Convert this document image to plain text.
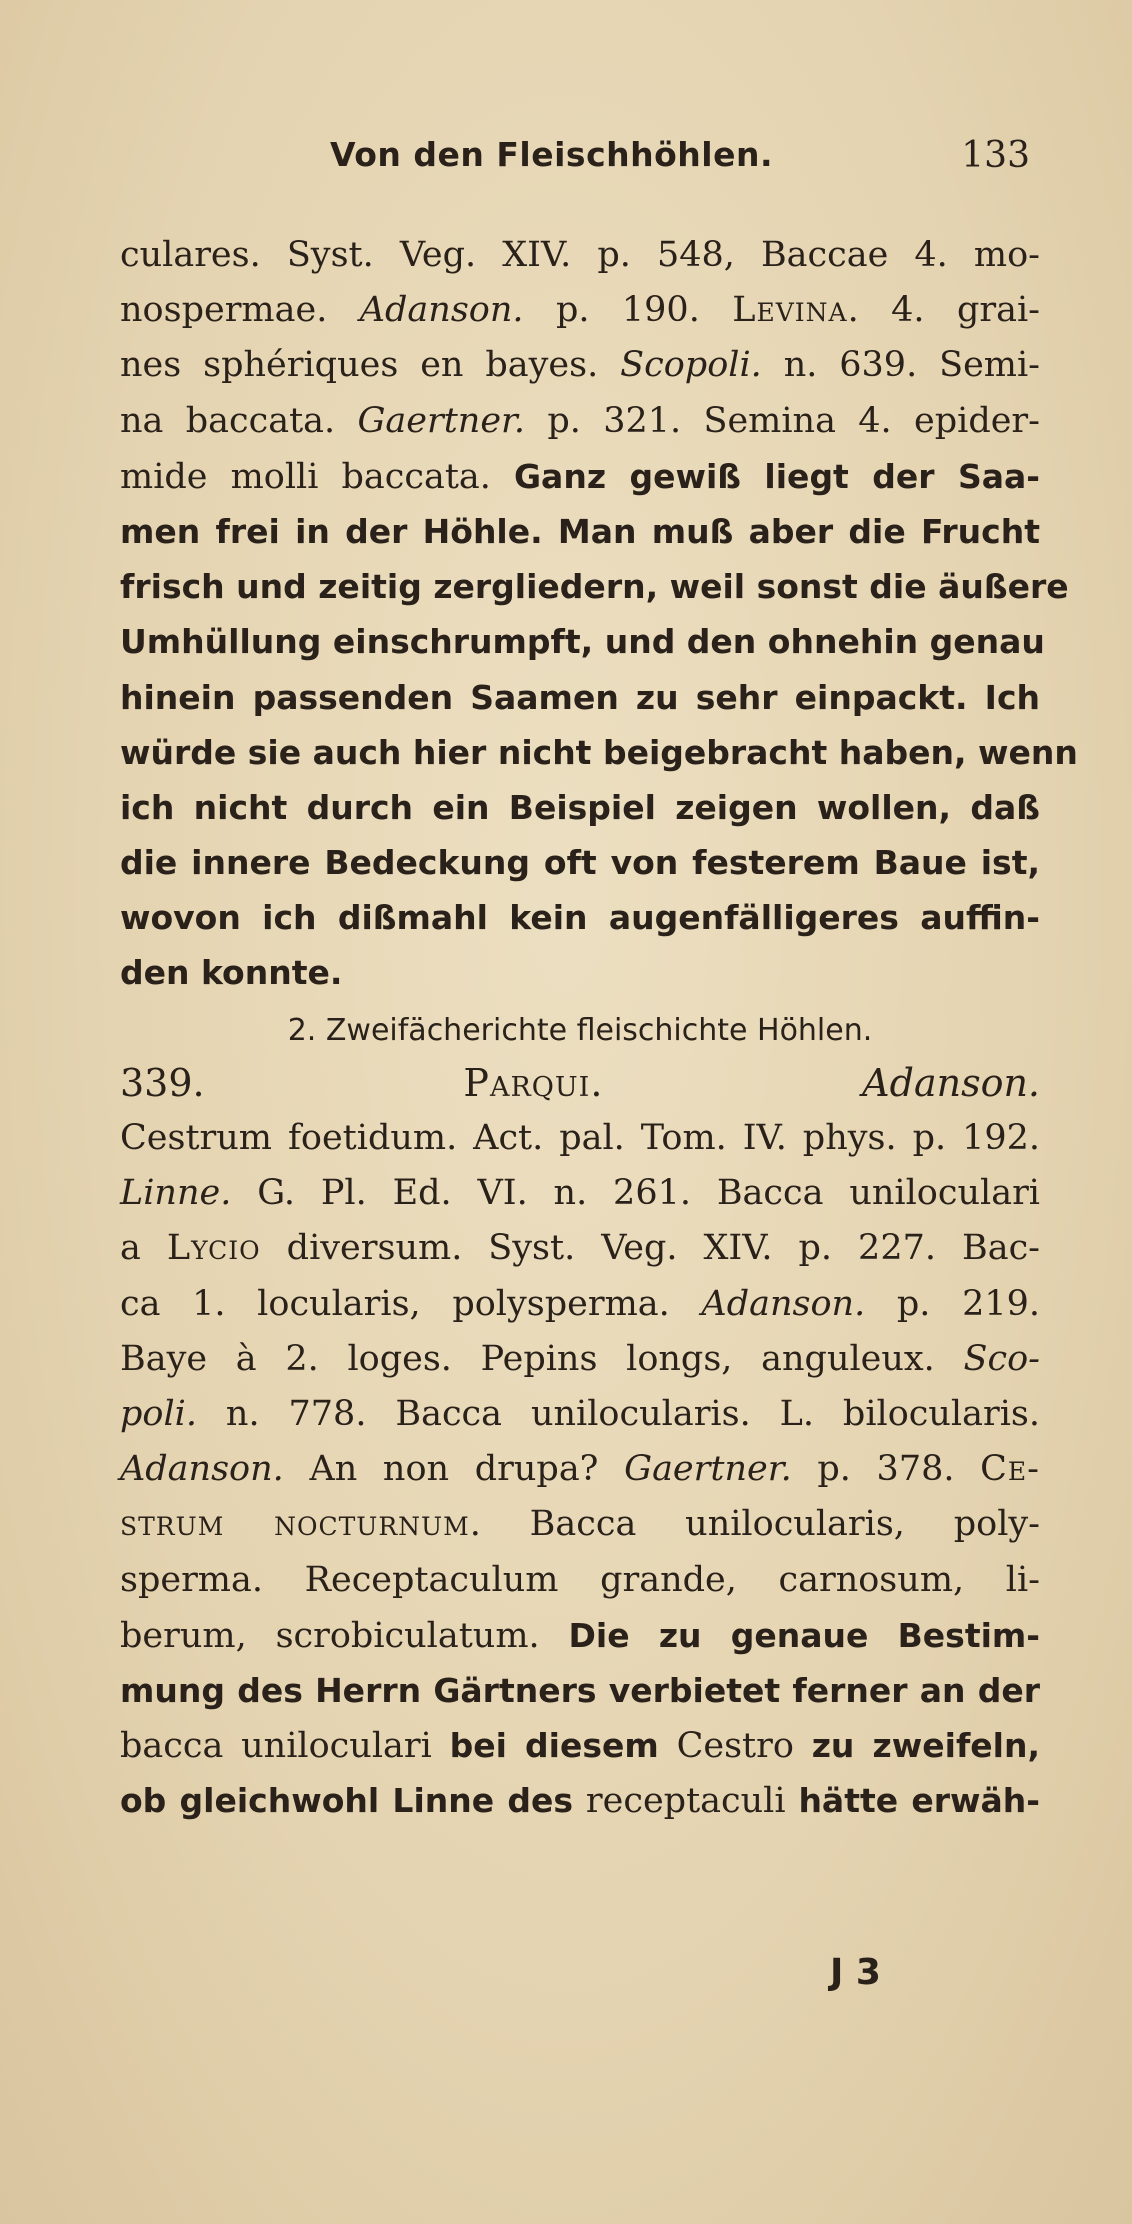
Von den Fleischhöhlen.	133
culares. Syst. Veg. XIV. p. 548, Baccae 4. mo-
nospermae. Adanson. p. 190. Levina. 4. grai-
nes sphériques en bayes. Scopoli. n. 639. Semi-
na baccata. Gaertner. p. 321. Semina 4. epider-
mide molli baccata. Ganz gewiß liegt der Saa-
men frei in der Höhle. Man muß aber die Frucht
frisch und zeitig zergliedern, weil sonst die äußere
Umhüllung einschrumpft, und den ohnehin genau
hinein passenden Saamen zu sehr einpackt. Ich
würde sie auch hier nicht beigebracht haben, wenn
ich nicht durch ein Beispiel zeigen wollen, daß
die innere Bedeckung oft von festerem Baue ist,
wovon ich dißmahl kein augenfälligeres auffin-
den konnte.
2. Zweifächerichte fleischichte Höhlen.
339.	Parqui.	Adanson.
Cestrum foetidum. Act. pal. Tom. IV. phys. p. 192.
Linne. G. Pl. Ed. VI. n. 261. Bacca uniloculari
a Lycio diversum. Syst. Veg. XIV. p. 227. Bac-
ca 1. locularis, polysperma. Adanson. p. 219.
Baye à 2. loges. Pepins longs, anguleux. Sco-
poli. n. 778. Bacca unilocularis. L. bilocularis.
Adanson. An non drupa? Gaertner. p. 378. Ce-
strum nocturnum. Bacca unilocularis, poly-
sperma. Receptaculum grande, carnosum, li-
berum, scrobiculatum. Die zu genaue Bestim-
mung des Herrn Gärtners verbietet ferner an der
bacca uniloculari bei diesem Cestro zu zweifeln,
ob gleichwohl Linne des receptaculi hätte erwäh-
J 3
